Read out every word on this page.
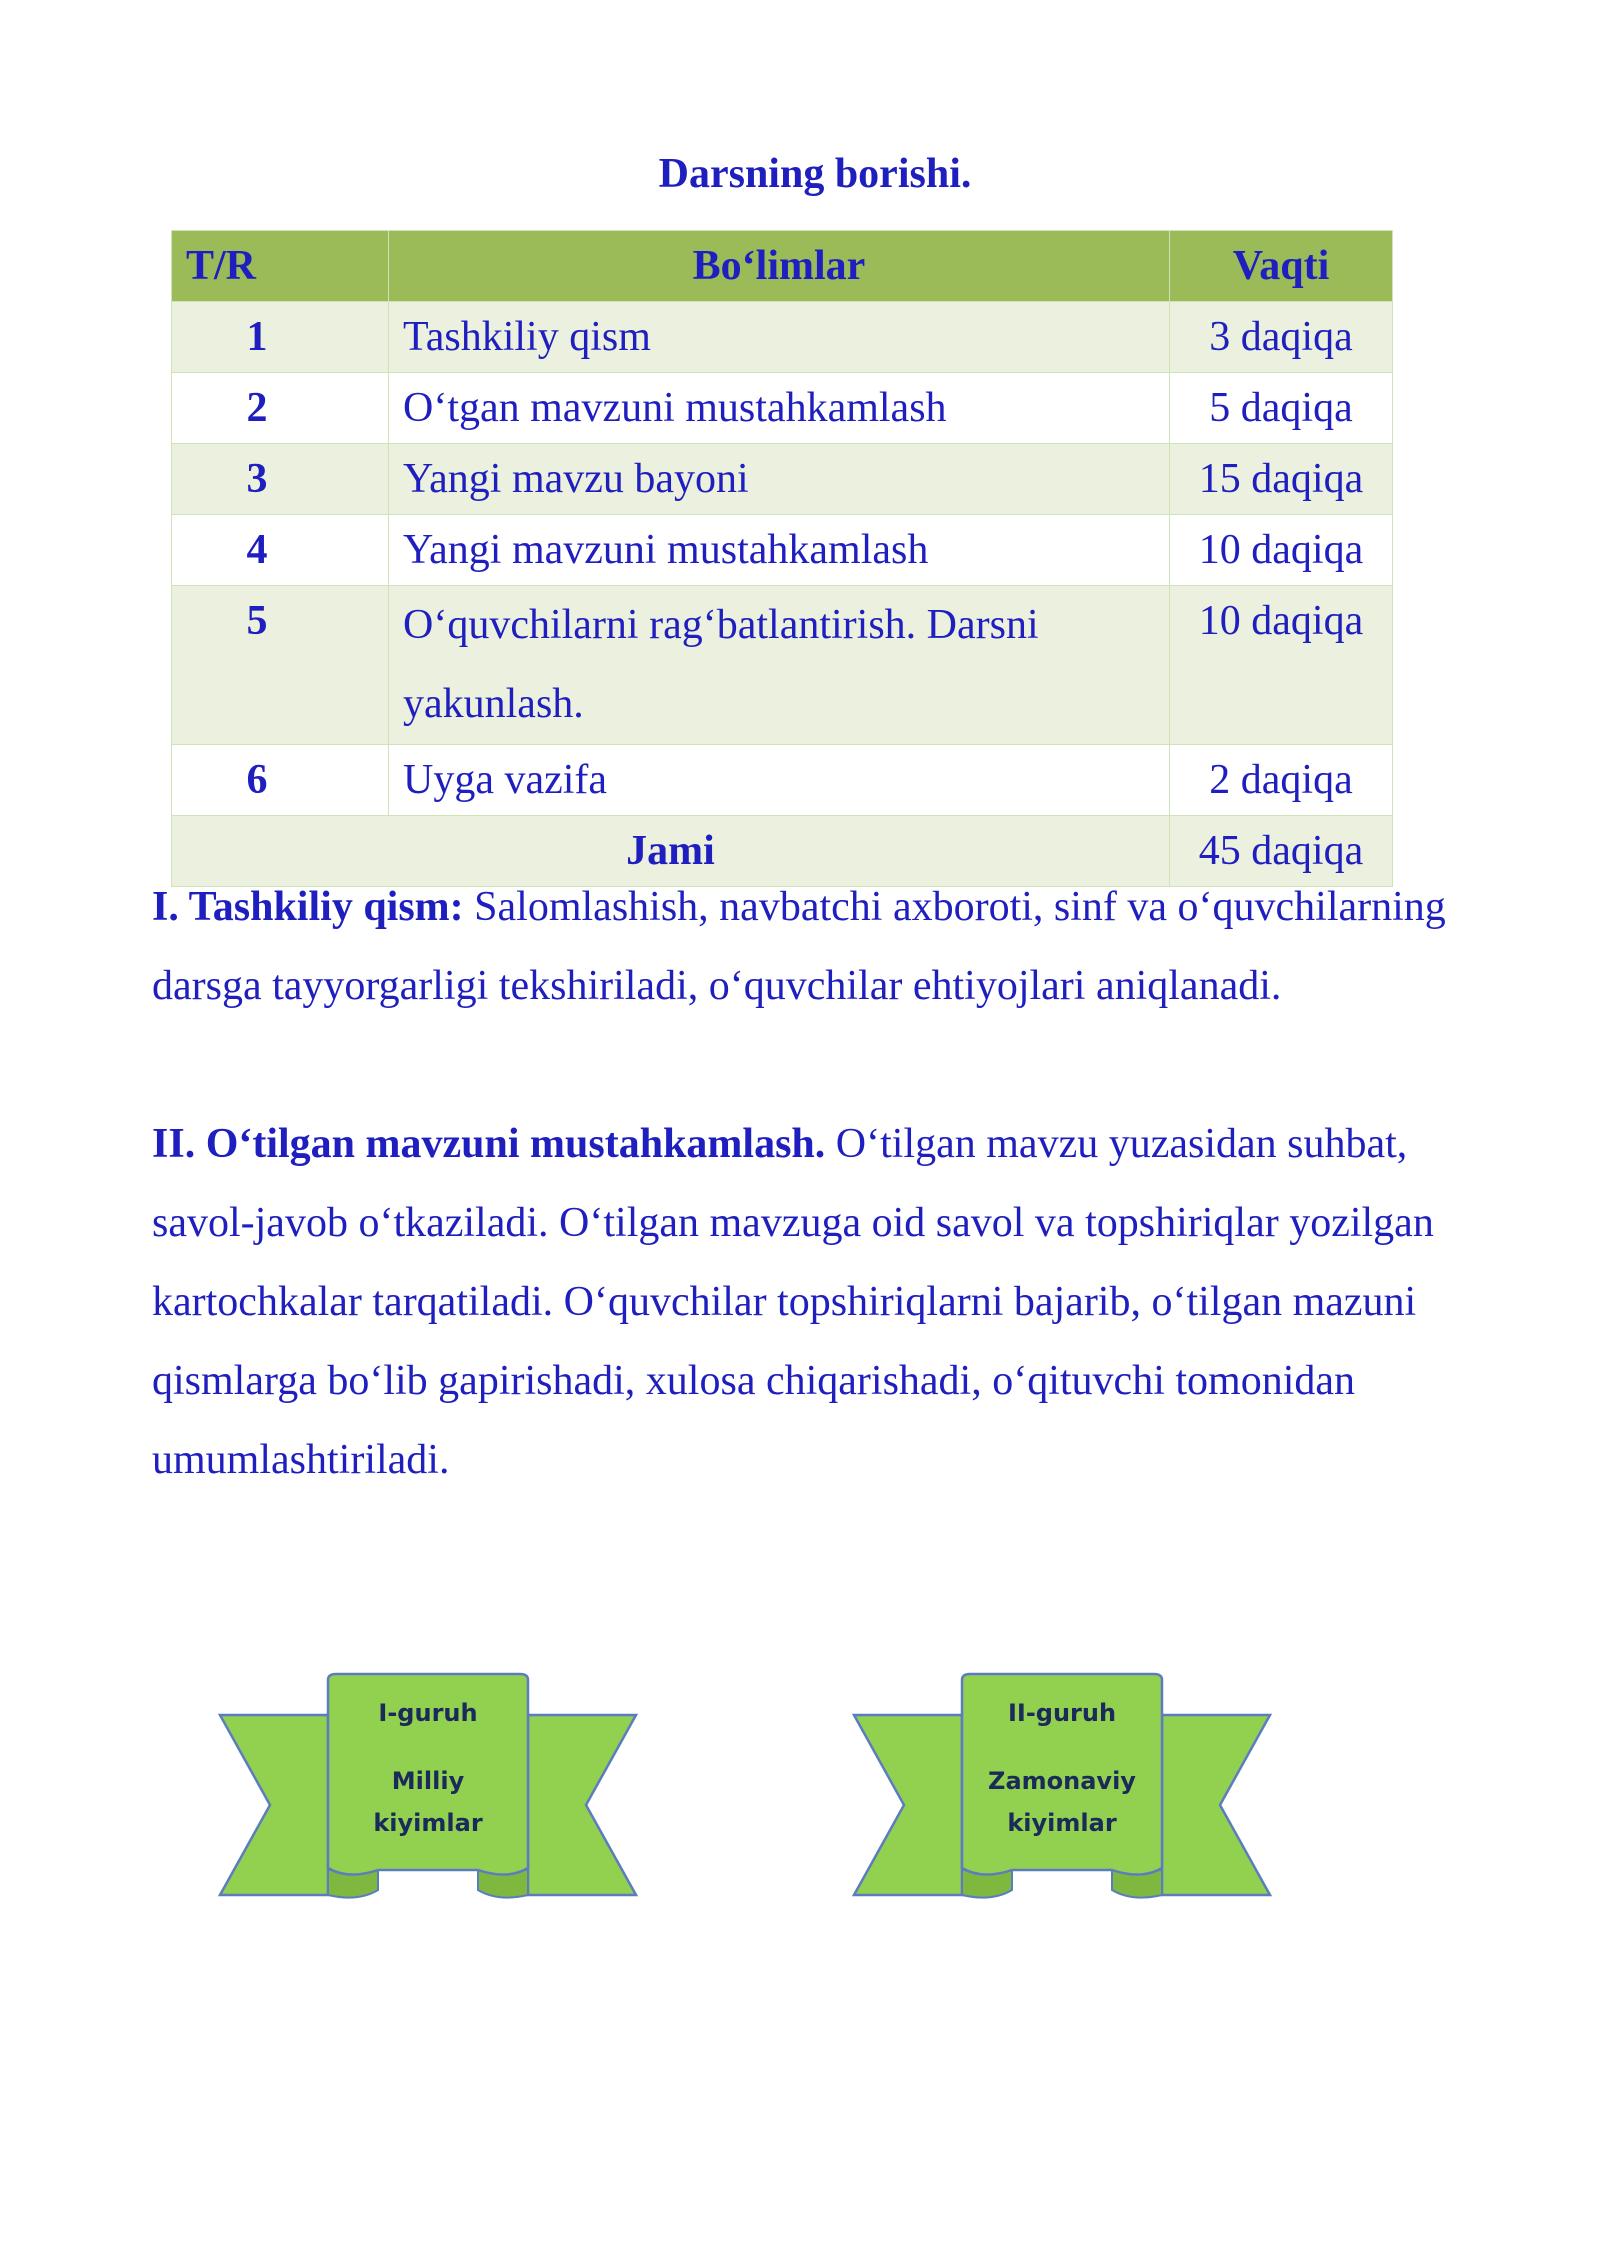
Darsning borishi.
T/R	Bo‘limlar	Vaqti
1	Tashkiliy qism	3 daqiqa
2	O‘tgan mavzuni mustahkamlash	5 daqiqa
3	Yangi mavzu bayoni	15 daqiqa
4	Yangi mavzuni mustahkamlash	10 daqiqa
5	O‘quvchilarni rag‘batlantirish. Darsni yakunlash.	10 daqiqa
6	Uyga vazifa	2 daqiqa
Jami		45 daqiqa
I. Tashkiliy qism: Salomlashish, navbatchi axboroti, sinf va o‘quvchilarning darsga tayyorgarligi tekshiriladi, o‘quvchilar ehtiyojlari aniqlanadi.
II. O‘tilgan mavzuni mustahkamlash. O‘tilgan mavzu yuzasidan suhbat, savol-javob o‘tkaziladi. O‘tilgan mavzuga oid savol va topshiriqlar yozilgan kartochkalar tarqatiladi. O‘quvchilar topshiriqlarni bajarib, o‘tilgan mazuni qismlarga bo‘lib gapirishadi, xulosa chiqarishadi, o‘qituvchi tomonidan umumlashtiriladi.
I-guruh
Milliy
kiyimlar
II-guruh
Zamonaviy
kiyimlar
